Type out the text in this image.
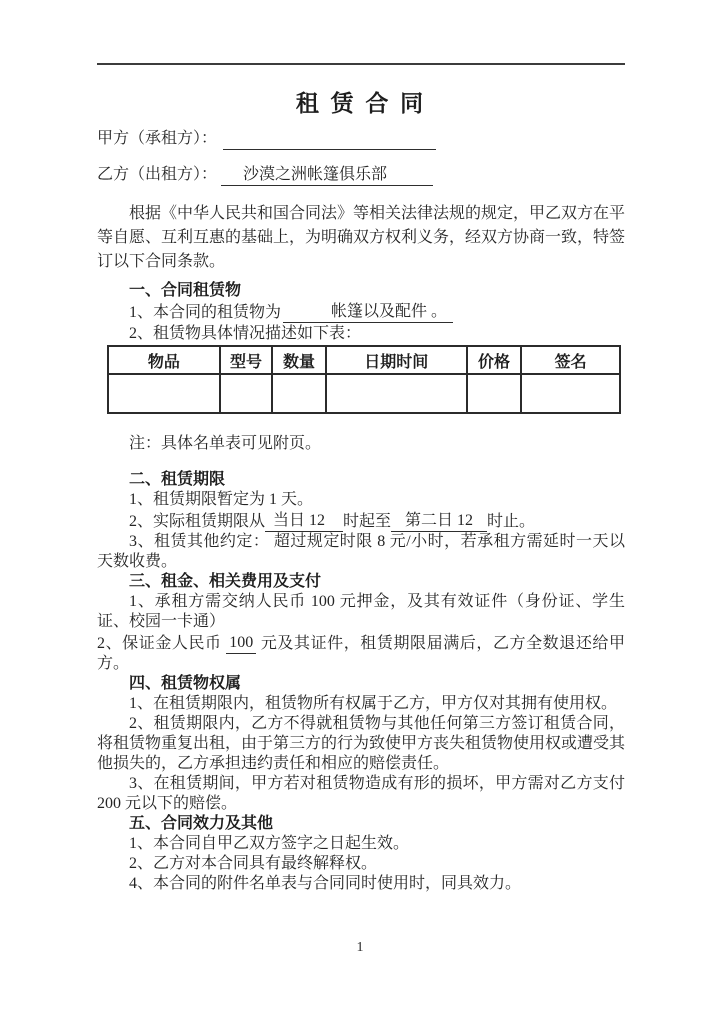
租 赁 合 同
甲方（承租方）：
乙方（出租方）： 沙漠之洲帐篷俱乐部

根据《中华人民共和国合同法》等相关法律法规的规定，甲乙双方在平等自愿、互利互惠的基础上，为明确双方权利义务，经双方协商一致，特签订以下合同条款。

一、合同租赁物
1、本合同的租赁物为	帐篷以及配件 。
2、租赁物具体情况描述如下表：
物品	型号	数量	日期时间	价格	签名

注：具体名单表可见附页。
二、租赁期限
1、租赁期限暂定为 1 天。
2、实际租赁期限从 当日 12 时起至 第二日 12 时止。
3、租赁其他约定： 超过规定时限 8 元/小时，若承租方需延时一天以天数收费。
三、租金、相关费用及支付
1、承租方需交纳人民币 100 元押金，及其有效证件（身份证、学生证、校园一卡通）
2、保证金人民币 100 元及其证件，租赁期限届满后，乙方全数退还给甲方。
四、租赁物权属
1、在租赁期限内，租赁物所有权属于乙方，甲方仅对其拥有使用权。
2、租赁期限内，乙方不得就租赁物与其他任何第三方签订租赁合同，将租赁物重复出租，由于第三方的行为致使甲方丧失租赁物使用权或遭受其他损失的，乙方承担违约责任和相应的赔偿责任。
3、在租赁期间，甲方若对租赁物造成有形的损坏，甲方需对乙方支付 200 元以下的赔偿。
五、合同效力及其他
1、本合同自甲乙双方签字之日起生效。
2、乙方对本合同具有最终解释权。
4、本合同的附件名单表与合同同时使用时，同具效力。
1
